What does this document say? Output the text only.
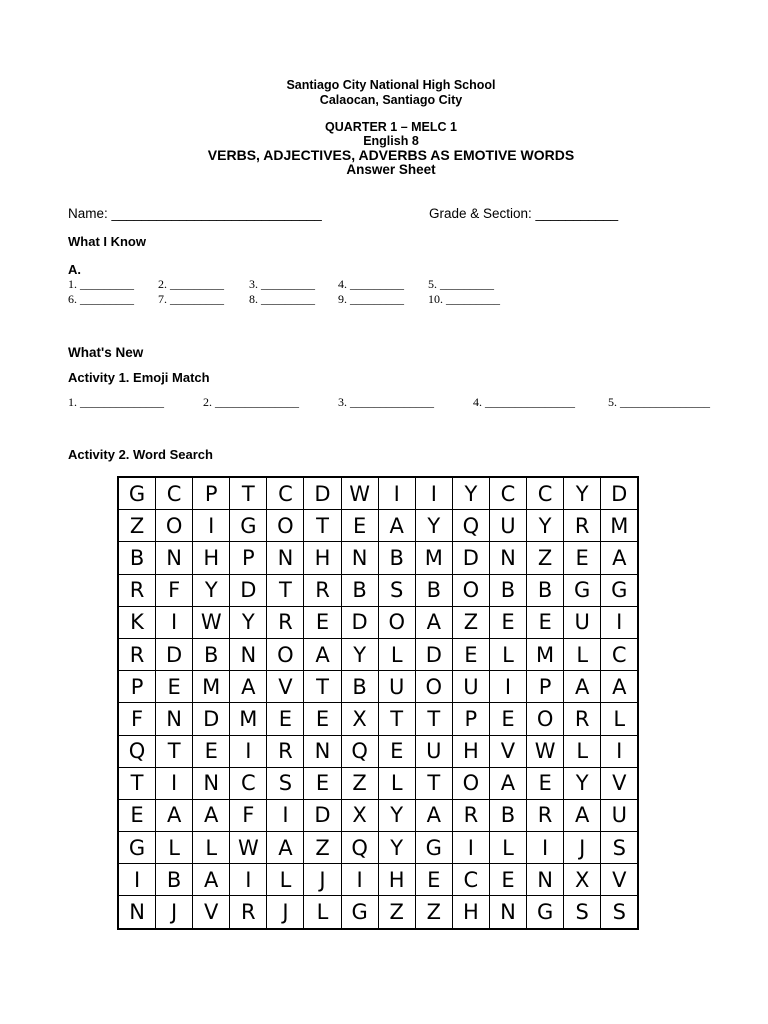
Santiago City National High School
Calaocan, Santiago City
QUARTER 1 – MELC 1
English 8
VERBS, ADJECTIVES, ADVERBS AS EMOTIVE WORDS
Answer Sheet
Name: ____________________________	Grade & Section: ___________
What I Know
A.
1. _________	2. _________	3. _________	4. _________	5. _________
6. _________	7. _________	8. _________	9. _________	10. _________
What's New
Activity 1. Emoji Match
1. ______________	2. ______________	3. ______________	4. _______________	5. _______________
Activity 2. Word Search
G	C	P	T	C	D	W	I	I	Y	C	C	Y	D
Z	O	I	G	O	T	E	A	Y	Q	U	Y	R	M
B	N	H	P	N	H	N	B	M	D	N	Z	E	A
R	F	Y	D	T	R	B	S	B	O	B	B	G	G
K	I	W	Y	R	E	D	O	A	Z	E	E	U	I
R	D	B	N	O	A	Y	L	D	E	L	M	L	C
P	E	M	A	V	T	B	U	O	U	I	P	A	A
F	N	D	M	E	E	X	T	T	P	E	O	R	L
Q	T	E	I	R	N	Q	E	U	H	V	W	L	I
T	I	N	C	S	E	Z	L	T	O	A	E	Y	V
E	A	A	F	I	D	X	Y	A	R	B	R	A	U
G	L	L	W	A	Z	Q	Y	G	I	L	I	J	S
I	B	A	I	L	J	I	H	E	C	E	N	X	V
N	J	V	R	J	L	G	Z	Z	H	N	G	S	S
